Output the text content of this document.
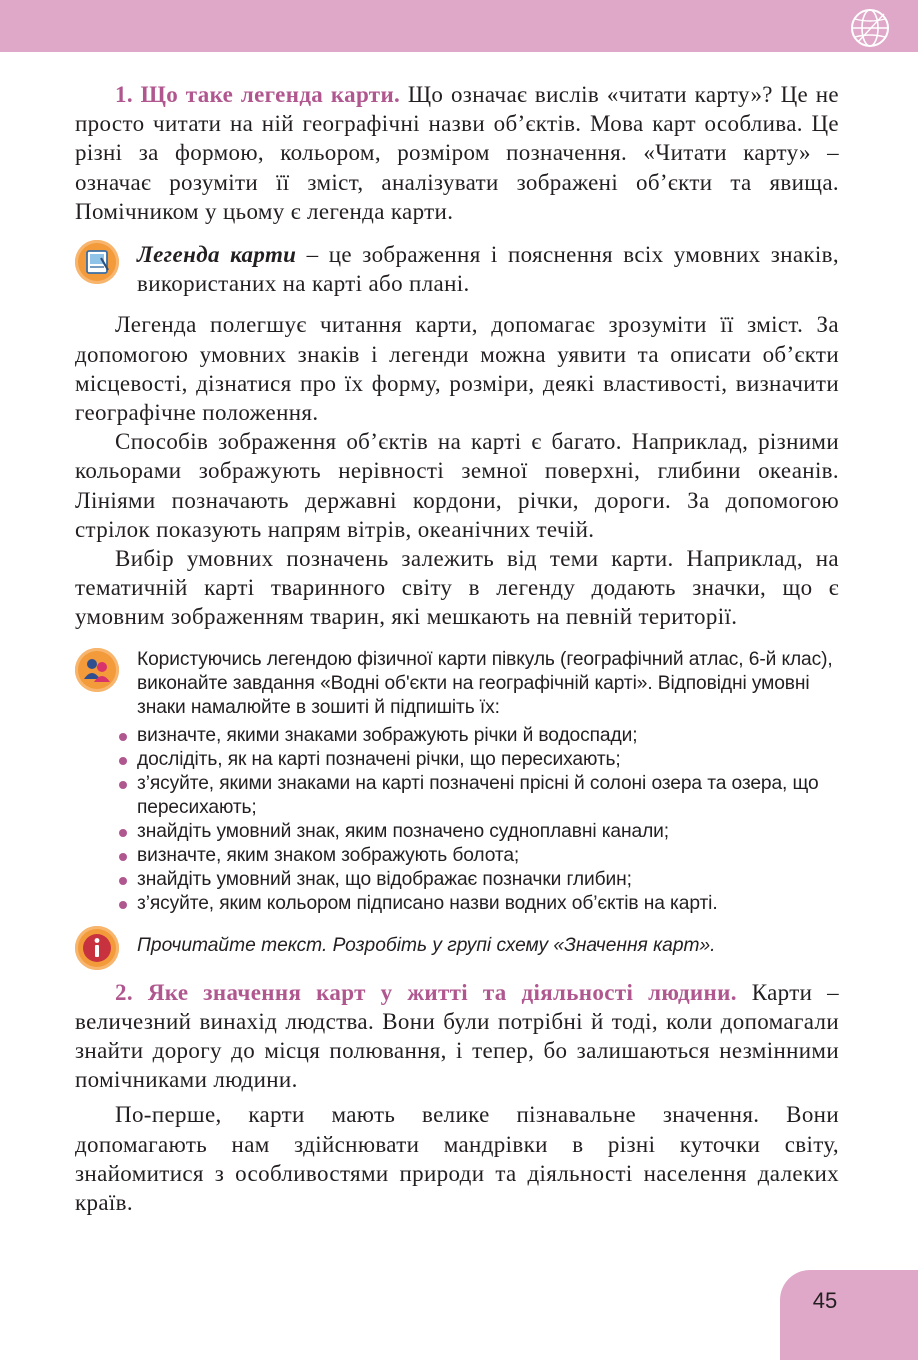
1. Що таке легенда карти. Що означає вислів «читати карту»? Це не просто читати на ній географічні назви об’єктів. Мова карт особлива. Це різні за формою, кольором, розміром позначення. «Читати карту» – означає розуміти її зміст, аналізувати зображені об’єкти та явища. Помічником у цьому є легенда карти.

Легенда карти – це зображення і пояснення всіх умовних знаків, використаних на карті або плані.

Легенда полегшує читання карти, допомагає зрозуміти її зміст. За допомогою умовних знаків і легенди можна уявити та описати об’єкти місцевості, дізнатися про їх форму, розміри, деякі властивості, визначити географічне положення.

Способів зображення об’єктів на карті є багато. Наприклад, різними кольорами зображують нерівності земної поверхні, глибини океанів. Лініями позначають державні кордони, річки, дороги. За допомогою стрілок показують напрям вітрів, океанічних течій.

Вибір умовних позначень залежить від теми карти. Наприклад, на тематичній карті тваринного світу в легенду додають значки, що є умовним зображенням тварин, які мешкають на певній території.

Користуючись легендою фізичної карти півкуль (географічний атлас, 6-й клас), виконайте завдання «Водні об'єкти на географічній карті». Відповідні умовні знаки намалюйте в зошиті й підпишіть їх:

визначте, якими знаками зображують річки й водоспади;
дослідіть, як на карті позначені річки, що пересихають;
з’ясуйте, якими знаками на карті позначені прісні й солоні озера та озера, що пересихають;
знайдіть умовний знак, яким позначено судноплавні канали;
визначте, яким знаком зображують болота;
знайдіть умовний знак, що відображає позначки глибин;
з’ясуйте, яким кольором підписано назви водних об’єктів на карті.

Прочитайте текст. Розробіть у групі схему «Значення карт».

2. Яке значення карт у житті та діяльності людини. Карти – величезний винахід людства. Вони були потрібні й тоді, коли допомагали знайти дорогу до місця полювання, і тепер, бо залишаються незмінними помічниками людини.

По-перше, карти мають велике пізнавальне значення. Вони допомагають нам здійснювати мандрівки в різні куточки світу, знайомитися з особливостями природи та діяльності населення далеких країв.

45
